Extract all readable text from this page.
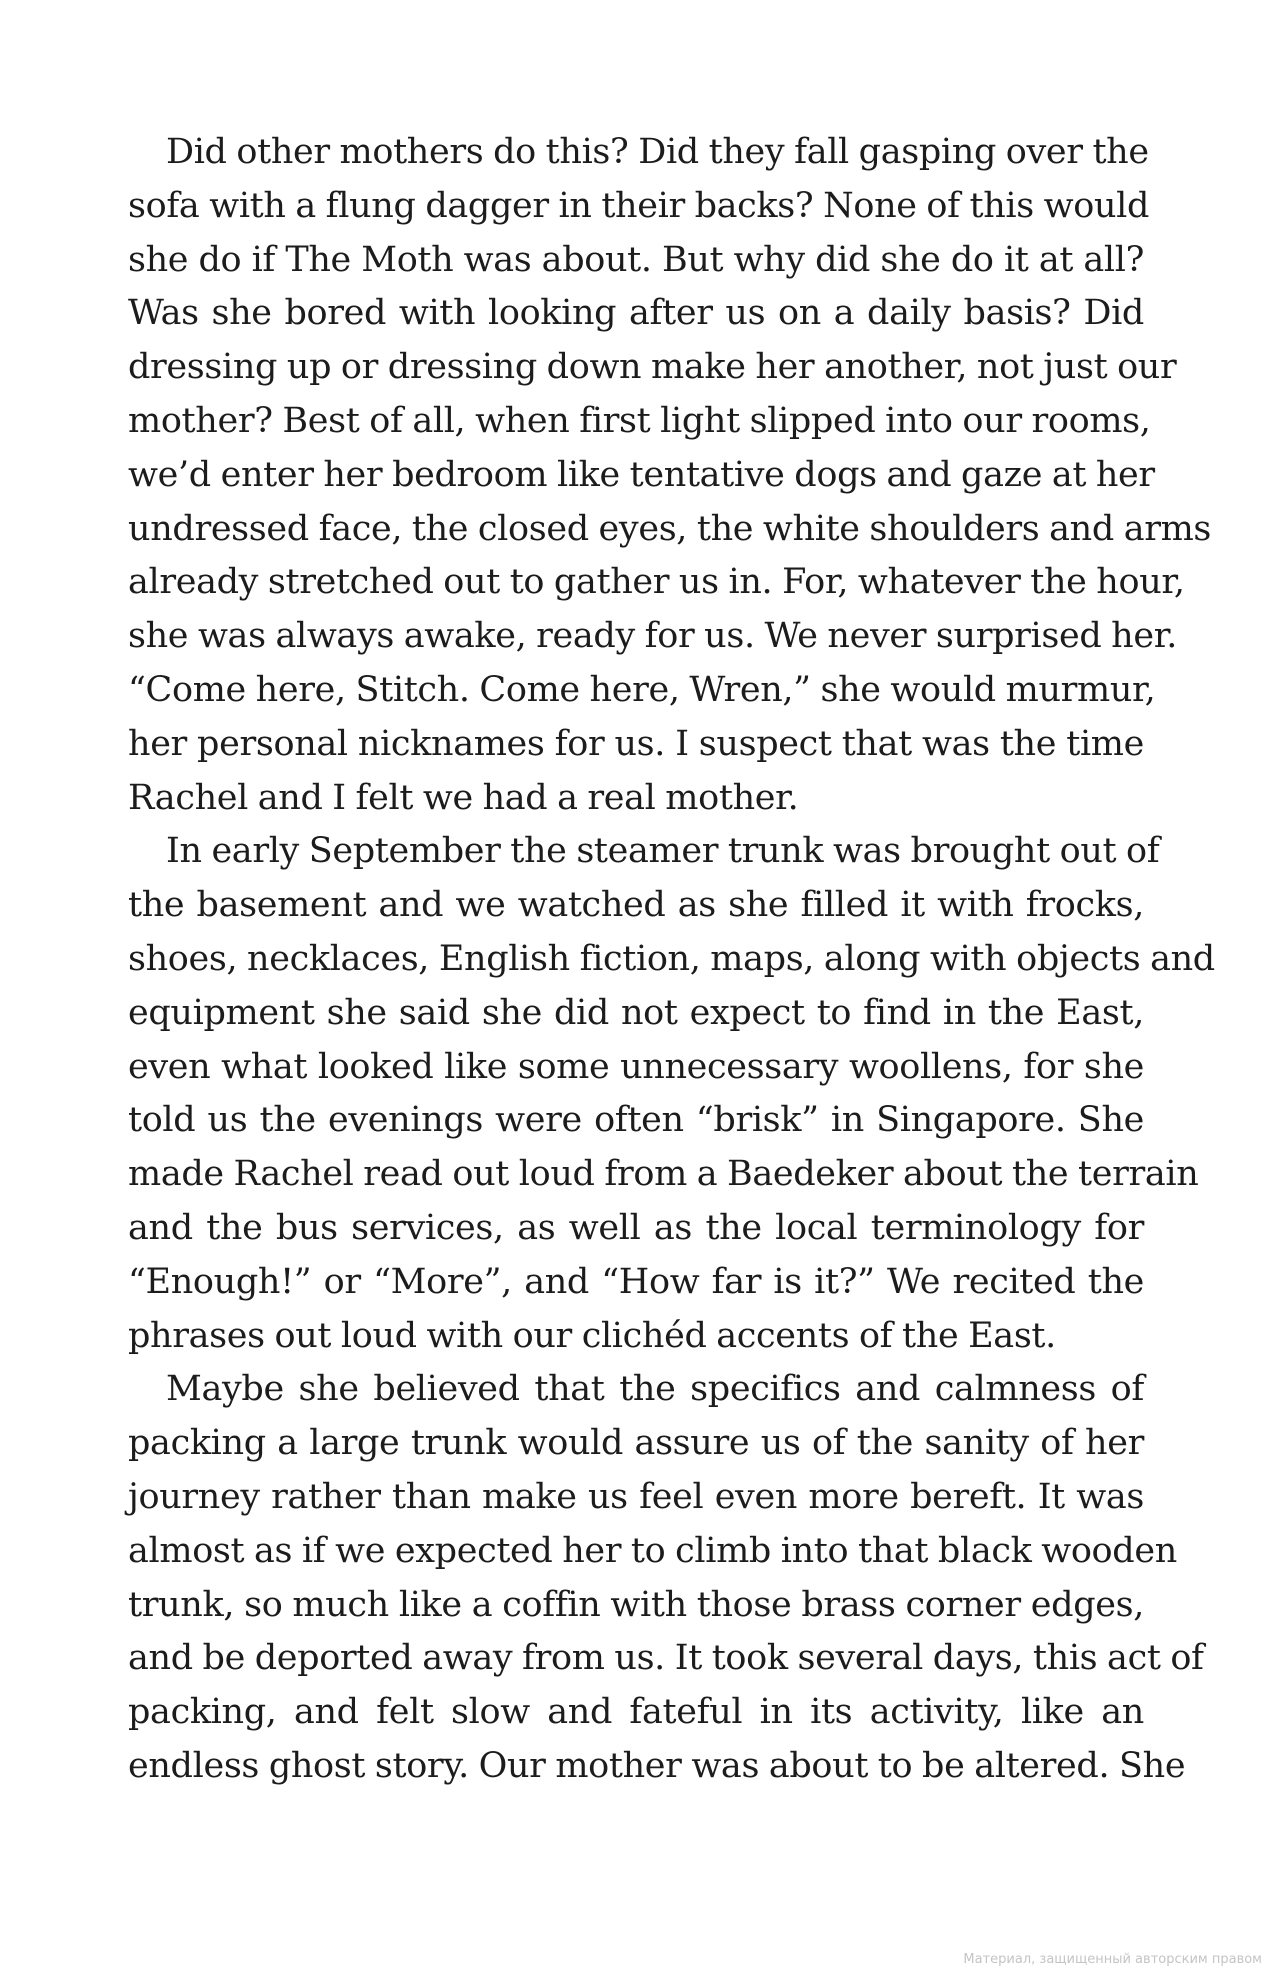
Did other mothers do this? Did they fall gasping over the
sofa with a flung dagger in their backs? None of this would
she do if The Moth was about. But why did she do it at all?
Was she bored with looking after us on a daily basis? Did
dressing up or dressing down make her another, not just our
mother? Best of all, when first light slipped into our rooms,
we’d enter her bedroom like tentative dogs and gaze at her
undressed face, the closed eyes, the white shoulders and arms
already stretched out to gather us in. For, whatever the hour,
she was always awake, ready for us. We never surprised her.
“Come here, Stitch. Come here, Wren,” she would murmur,
her personal nicknames for us. I suspect that was the time
Rachel and I felt we had a real mother.
In early September the steamer trunk was brought out of
the basement and we watched as she filled it with frocks,
shoes, necklaces, English fiction, maps, along with objects and
equipment she said she did not expect to find in the East,
even what looked like some unnecessary woollens, for she
told us the evenings were often “brisk” in Singapore. She
made Rachel read out loud from a Baedeker about the terrain
and the bus services, as well as the local terminology for
“Enough!” or “More”, and “How far is it?” We recited the
phrases out loud with our clichéd accents of the East.
Maybe she believed that the specifics and calmness of
packing a large trunk would assure us of the sanity of her
journey rather than make us feel even more bereft. It was
almost as if we expected her to climb into that black wooden
trunk, so much like a coffin with those brass corner edges,
and be deported away from us. It took several days, this act of
packing, and felt slow and fateful in its activity, like an
endless ghost story. Our mother was about to be altered. She
Материал, защищенный авторским правом
